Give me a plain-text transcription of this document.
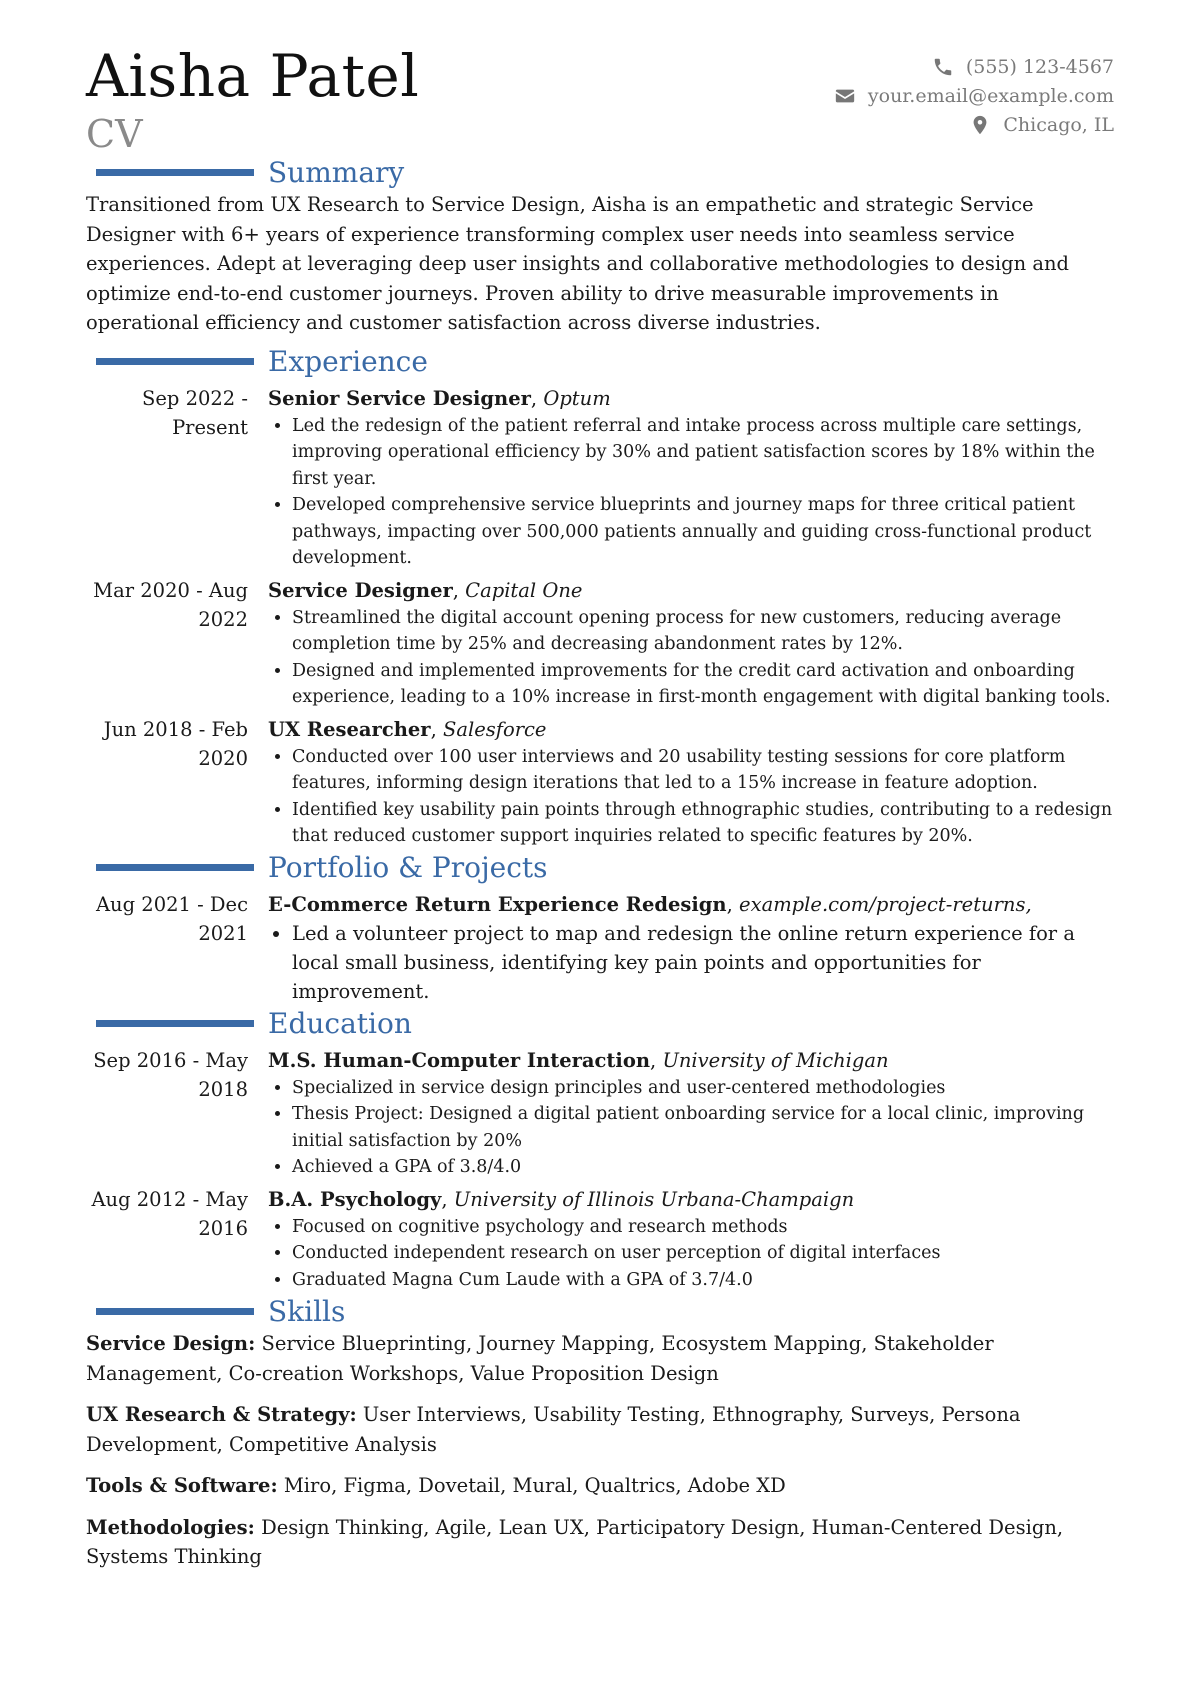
Aisha Patel
CV
(555) 123-4567
your.email@example.com
Chicago, IL
Summary

Transitioned from UX Research to Service Design, Aisha is an empathetic and strategic Service Designer with 6+ years of experience transforming complex user needs into seamless service experiences. Adept at leveraging deep user insights and collaborative methodologies to design and optimize end-to-end customer journeys. Proven ability to drive measurable improvements in operational efficiency and customer satisfaction across diverse industries.

Experience
Sep 2022 - Present
Senior Service Designer, Optum
• Led the redesign of the patient referral and intake process across multiple care settings, improving operational efficiency by 30% and patient satisfaction scores by 18% within the first year.
• Developed comprehensive service blueprints and journey maps for three critical patient pathways, impacting over 500,000 patients annually and guiding cross-functional product development.
Mar 2020 - Aug 2022
Service Designer, Capital One
• Streamlined the digital account opening process for new customers, reducing average completion time by 25% and decreasing abandonment rates by 12%.
• Designed and implemented improvements for the credit card activation and onboarding experience, leading to a 10% increase in first-month engagement with digital banking tools.
Jun 2018 - Feb 2020
UX Researcher, Salesforce
• Conducted over 100 user interviews and 20 usability testing sessions for core platform features, informing design iterations that led to a 15% increase in feature adoption.
• Identified key usability pain points through ethnographic studies, contributing to a redesign that reduced customer support inquiries related to specific features by 20%.
Portfolio & Projects
Aug 2021 - Dec 2021
E-Commerce Return Experience Redesign, example.com/project-returns,
• Led a volunteer project to map and redesign the online return experience for a local small business, identifying key pain points and opportunities for improvement.
Education
Sep 2016 - May 2018
M.S. Human-Computer Interaction, University of Michigan
• Specialized in service design principles and user-centered methodologies
• Thesis Project: Designed a digital patient onboarding service for a local clinic, improving initial satisfaction by 20%
• Achieved a GPA of 3.8/4.0
Aug 2012 - May 2016
B.A. Psychology, University of Illinois Urbana-Champaign
• Focused on cognitive psychology and research methods
• Conducted independent research on user perception of digital interfaces
• Graduated Magna Cum Laude with a GPA of 3.7/4.0
Skills

Service Design: Service Blueprinting, Journey Mapping, Ecosystem Mapping, Stakeholder Management, Co-creation Workshops, Value Proposition Design

UX Research & Strategy: User Interviews, Usability Testing, Ethnography, Surveys, Persona Development, Competitive Analysis

Tools & Software: Miro, Figma, Dovetail, Mural, Qualtrics, Adobe XD

Methodologies: Design Thinking, Agile, Lean UX, Participatory Design, Human-Centered Design, Systems Thinking
